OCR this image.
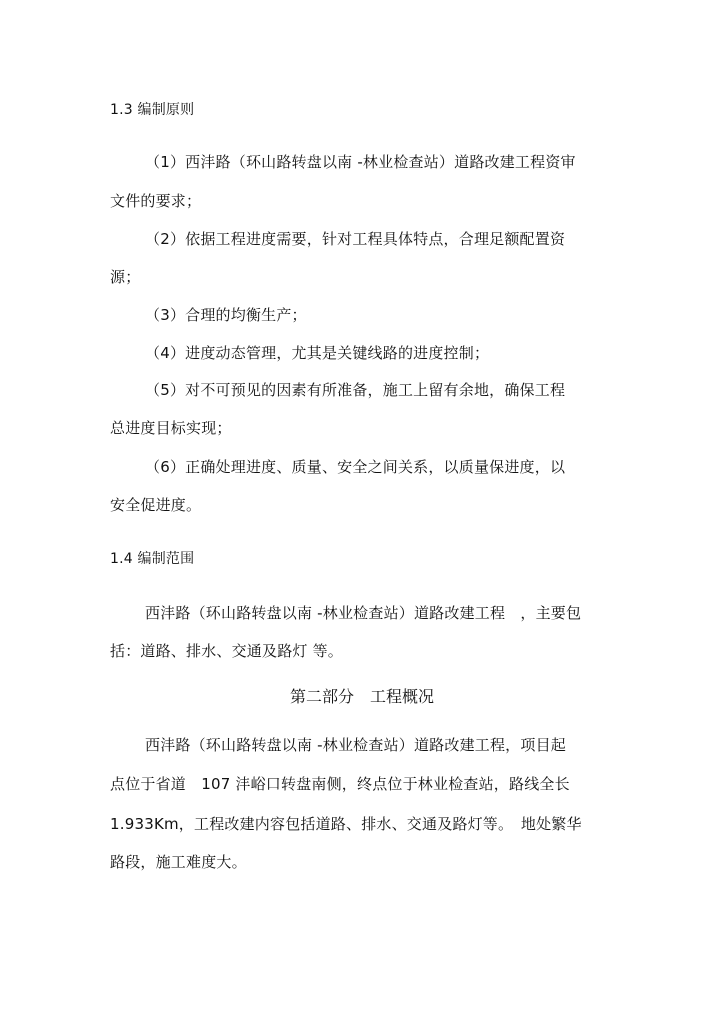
1.3 编制原则
（1）西沣路（环山路转盘以南 -林业检查站）道路改建工程资审
文件的要求；
（2）依据工程进度需要，针对工程具体特点，合理足额配置资
源；
（3）合理的均衡生产；
（4）进度动态管理，尤其是关键线路的进度控制；
（5）对不可预见的因素有所准备，施工上留有余地，确保工程
总进度目标实现；
（6）正确处理进度、质量、安全之间关系，以质量保进度，以
安全促进度。
1.4 编制范围
西沣路（环山路转盘以南 -林业检查站）道路改建工程　，主要包
括：道路、排水、交通及路灯 等。
第二部分　工程概况
西沣路（环山路转盘以南 -林业检查站）道路改建工程，项目起
点位于省道　107 沣峪口转盘南侧，终点位于林业检查站，路线全长
1.933Km，工程改建内容包括道路、排水、交通及路灯等。　地处繁华
路段，施工难度大。
